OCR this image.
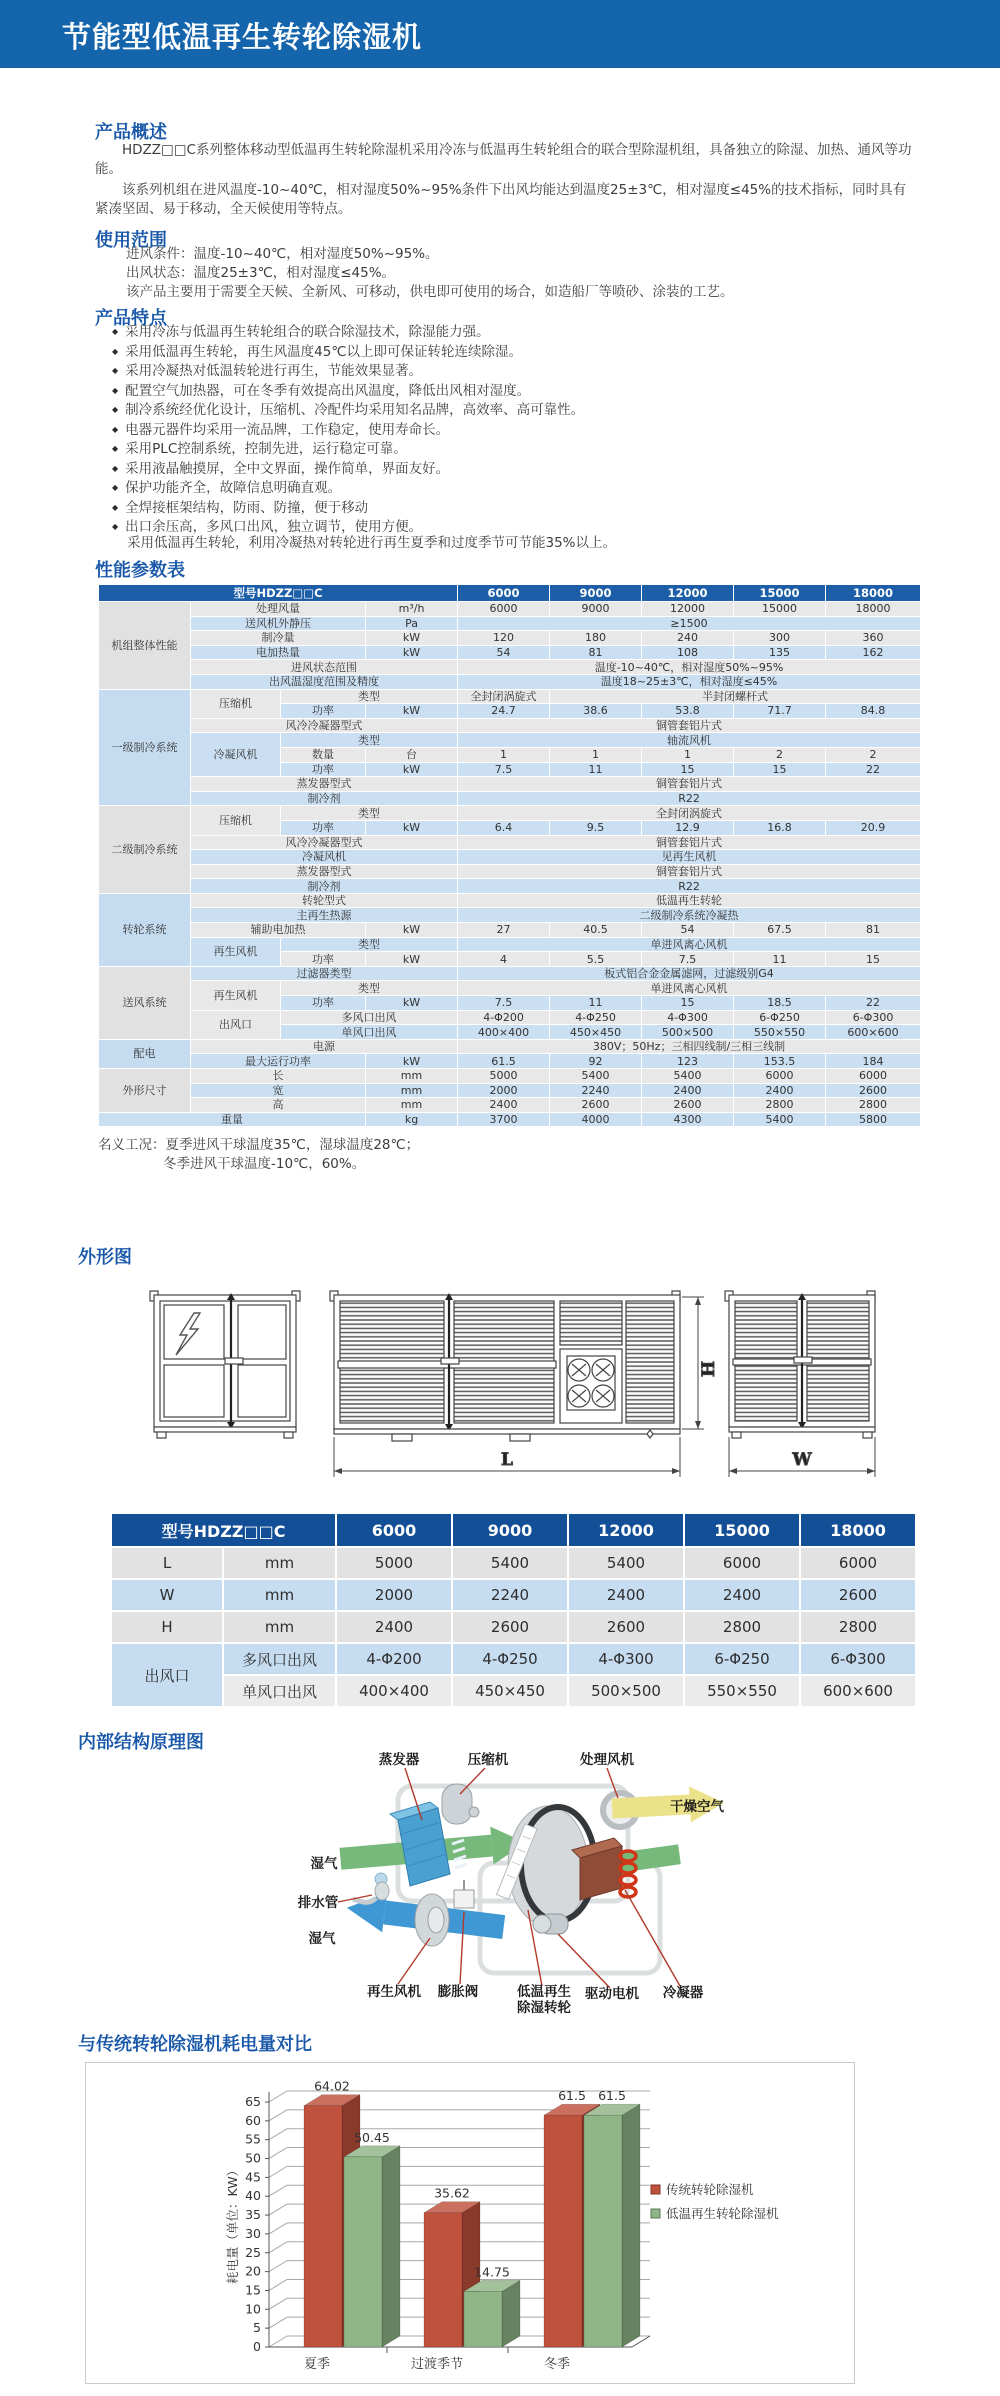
节能型低温再生转轮除湿机
产品概述

HDZZ□□C系列整体移动型低温再生转轮除湿机采用冷冻与低温再生转轮组合的联合型除湿机组，具备独立的除湿、加热、通风等功能。

该系列机组在进风温度-10~40℃，相对湿度50%~95%条件下出风均能达到温度25±3℃，相对湿度≤45%的技术指标，同时具有紧凑坚固、易于移动，全天候使用等特点。

使用范围
进风条件：温度-10~40℃，相对湿度50%~95%。
出风状态：温度25±3℃，相对湿度≤45%。
该产品主要用于需要全天候、全新风、可移动，供电即可使用的场合，如造船厂等喷砂、涂装的工艺。
产品特点
◆ 采用冷冻与低温再生转轮组合的联合除湿技术，除湿能力强。
◆ 采用低温再生转轮，再生风温度45℃以上即可保证转轮连续除湿。
◆ 采用冷凝热对低温转轮进行再生，节能效果显著。
◆ 配置空气加热器，可在冬季有效提高出风温度，降低出风相对湿度。
◆ 制冷系统经优化设计，压缩机、冷配件均采用知名品牌，高效率、高可靠性。
◆ 电器元器件均采用一流品牌，工作稳定，使用寿命长。
◆ 采用PLC控制系统，控制先进，运行稳定可靠。
◆ 采用液晶触摸屏，全中文界面，操作简单，界面友好。
◆ 保护功能齐全，故障信息明确直观。
◆ 全焊接框架结构，防雨、防撞，便于移动
◆ 出口余压高，多风口出风，独立调节，使用方便。

采用低温再生转轮，利用冷凝热对转轮进行再生夏季和过度季节可节能35%以上。

性能参数表
型号HDZZ□□C				6000	9000	12000	15000	18000
机组整体性能	处理风量		m³/h	6000	9000	12000	15000	18000
	送风机外静压		Pa	≥1500				
	制冷量		kW	120	180	240	300	360
	电加热量		kW	54	81	108	135	162
	进风状态范围			温度-10~40℃，相对湿度50%~95%				
	出风温湿度范围及精度			温度18~25±3℃，相对湿度≤45%				
一级制冷系统	压缩机	类型		全封闭涡旋式	半封闭螺杆式			
		功率	kW	24.7	38.6	53.8	71.7	84.8
	风冷冷凝器型式			铜管套铝片式				
	冷凝风机	类型		轴流风机				
		数量	台	1	1	1	2	2
		功率	kW	7.5	11	15	15	22
	蒸发器型式			铜管套铝片式				
	制冷剂			R22				
二级制冷系统	压缩机	类型		全封闭涡旋式				
		功率	kW	6.4	9.5	12.9	16.8	20.9
	风冷冷凝器型式			铜管套铝片式				
	冷凝风机			见再生风机				
	蒸发器型式			铜管套铝片式				
	制冷剂			R22				
转轮系统	转轮型式			低温再生转轮				
	主再生热源			二级制冷系统冷凝热				
	辅助电加热		kW	27	40.5	54	67.5	81
	再生风机	类型		单进风离心风机				
		功率	kW	4	5.5	7.5	11	15
送风系统	过滤器类型			板式铝合金金属滤网，过滤级别G4				
	再生风机	类型		单进风离心风机				
		功率	kW	7.5	11	15	18.5	22
	出风口	多风口出风		4-Φ200	4-Φ250	4-Φ300	6-Φ250	6-Φ300
		单风口出风		400×400	450×450	500×500	550×550	600×600
配电	电源			380V；50Hz；三相四线制/三相三线制				
	最大运行功率		kW	61.5	92	123	153.5	184
外形尺寸	长		mm	5000	5400	5400	6000	6000
	宽		mm	2000	2240	2400	2400	2600
	高		mm	2400	2600	2600	2800	2800
重量			kg	3700	4000	4300	5400	5800
名义工况：夏季进风干球温度35℃，湿球温度28℃；
冬季进风干球温度-10℃，60%。
外形图
H
L	W
型号HDZZ□□C		6000	9000	12000	15000	18000
L	mm	5000	5400	5400	6000	6000
W	mm	2000	2240	2400	2400	2600
H	mm	2400	2600	2600	2800	2800
出风口	多风口出风	4-Φ200	4-Φ250	4-Φ300	6-Φ250	6-Φ300
	单风口出风	400×400	450×450	500×500	550×550	600×600
内部结构原理图
蒸发器	压缩机	处理风机
干燥空气
湿气
排水管
湿气
再生风机 膨胀阀	低温再生
除湿转轮
驱动电机 冷凝器
与传统转轮除湿机耗电量对比
0
5
10
15
20
25
30
35
40
45
50
55
60
65
64.02
50.45
夏季
35.62
14.75
过渡季节
61.5 61.5
冬季
耗电量（单位：KW）	传统转轮除湿机
低温再生转轮除湿机
